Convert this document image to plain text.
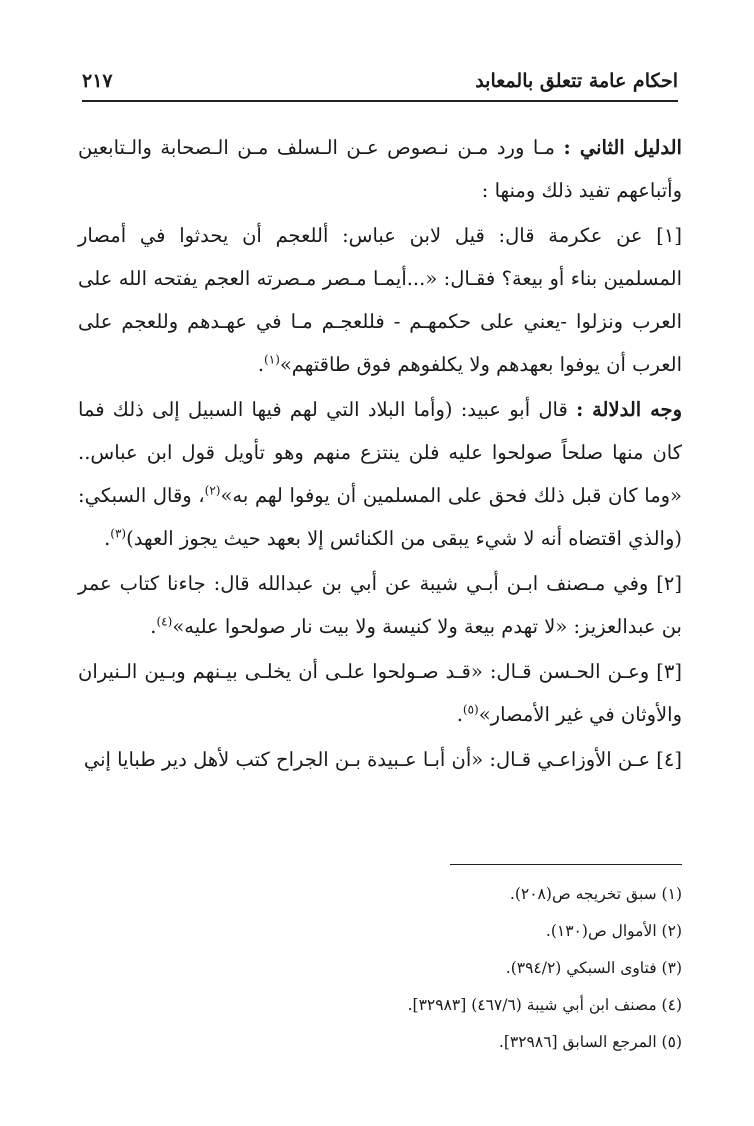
احكام عامة تتعلق بالمعابد
٢١٧

الدليل الثاني : مـا ورد مـن نـصوص عـن الـسلف مـن الـصحابة والـتابعين وأتباعهم تفيد ذلك ومنها :

[١] عن عكرمة قال: قيل لابن عباس: أللعجم أن يحدثوا في أمصار المسلمين بناء أو بيعة؟ فقـال: «...أيمـا مـصر مـصرته العجم يفتحه الله على العرب ونزلوا -يعني على حكمهـم - فللعجـم مـا في عهـدهم وللعجم على العرب أن يوفوا بعهدهم ولا يكلفوهم فوق طاقتهم»$^{(١)}$.

وجه الدلالة : قال أبو عبيد: (وأما البلاد التي لهم فيها السبيل إلى ذلك فما كان منها صلحاً صولحوا عليه فلن ينتزع منهم وهو تأويل قول ابن عباس.. «وما كان قبل ذلك فحق على المسلمين أن يوفوا لهم به»$^{(٢)}$، وقال السبكي: (والذي اقتضاه أنه لا شيء يبقى من الكنائس إلا بعهد حيث يجوز العهد)$^{(٣)}$.

[٢] وفي مـصنف ابـن أبـي شيبة عن أبي بن عبدالله قال: جاءنا كتاب عمر بن عبدالعزيز: «لا تهدم بيعة ولا كنيسة ولا بيت نار صولحوا عليه»$^{(٤)}$.

[٣] وعـن الحـسن قـال: «قـد صـولحوا علـى أن يخلـى بيـنهم وبـين الـنيران والأوثان في غير الأمصار»$^{(٥)}$.

[٤] عـن الأوزاعـي قـال: «أن أبـا عـبيدة بـن الجراح كتب لأهل دير طبايا إني

(١) سبق تخريجه ص(٢٠٨).

(٢) الأموال ص(١٣٠).

(٣) فتاوى السبكي (٣٩٤/٢).

(٤) مصنف ابن أبي شيبة (٤٦٧/٦) [٣٢٩٨٣].

(٥) المرجع السابق [٣٢٩٨٦].
